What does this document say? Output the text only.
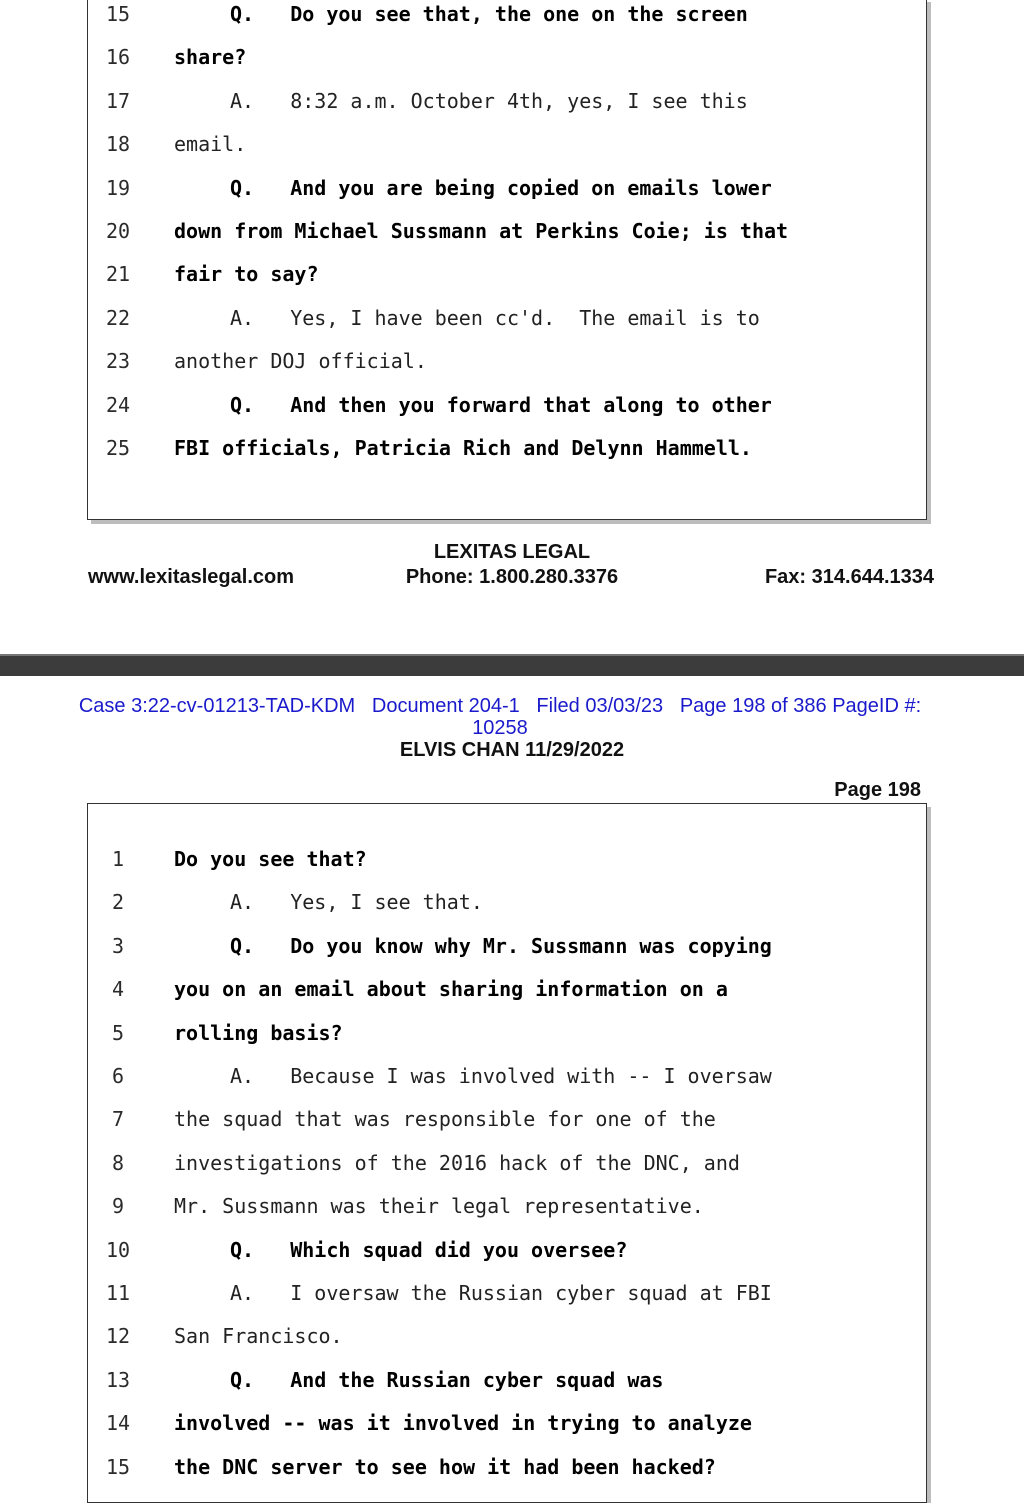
15	Q.   Do you see that, the one on the screen
16	share?
17	A.   8:32 a.m. October 4th, yes, I see this
18	email.
19	Q.   And you are being copied on emails lower
20	down from Michael Sussmann at Perkins Coie; is that
21	fair to say?
22	A.   Yes, I have been cc'd.  The email is to
23	another DOJ official.
24	Q.   And then you forward that along to other
25	FBI officials, Patricia Rich and Delynn Hammell.
LEXITAS LEGAL
www.lexitaslegal.com	Phone: 1.800.280.3376	Fax: 314.644.1334
Case 3:22-cv-01213-TAD-KDM   Document 204-1   Filed 03/03/23   Page 198 of 386 PageID #:
10258
ELVIS CHAN 11/29/2022
Page 198
1	Do you see that?
2	A.   Yes, I see that.
3	Q.   Do you know why Mr. Sussmann was copying
4	you on an email about sharing information on a
5	rolling basis?
6	A.   Because I was involved with -- I oversaw
7	the squad that was responsible for one of the
8	investigations of the 2016 hack of the DNC, and
9	Mr. Sussmann was their legal representative.
10	Q.   Which squad did you oversee?
11	A.   I oversaw the Russian cyber squad at FBI
12	San Francisco.
13	Q.   And the Russian cyber squad was
14	involved -- was it involved in trying to analyze
15	the DNC server to see how it had been hacked?
